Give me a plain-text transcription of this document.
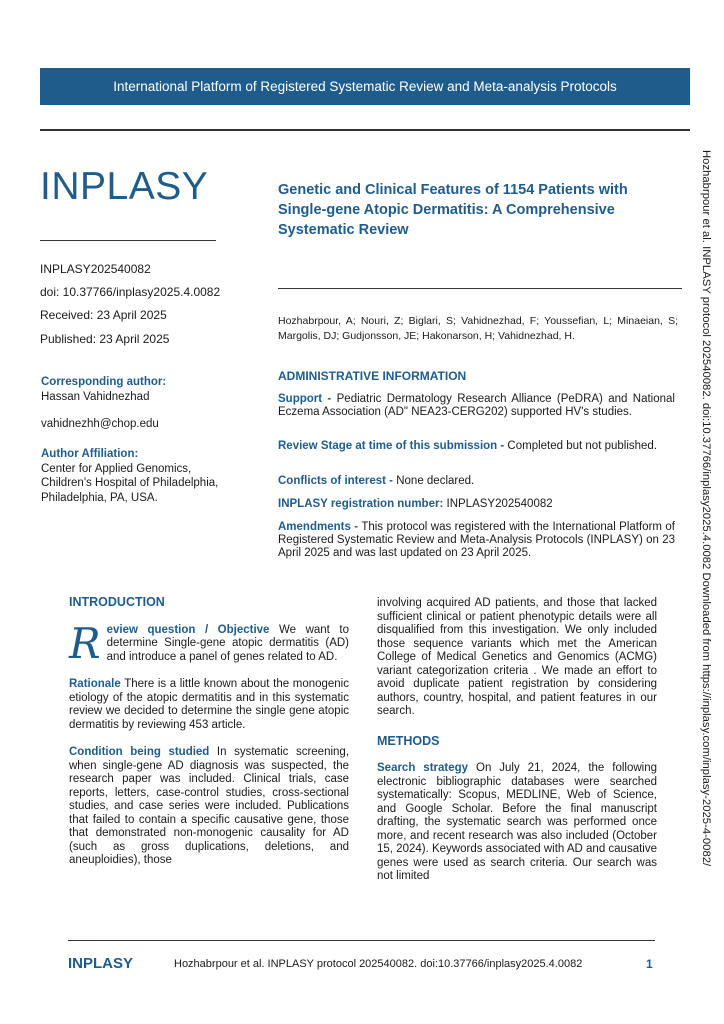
International Platform of Registered Systematic Review and Meta-analysis Protocols
INPLASY
INPLASY202540082
doi: 10.37766/inplasy2025.4.0082
Received: 23 April 2025
Published: 23 April 2025
Corresponding author:
Hassan Vahidnezhad
vahidnezhh@chop.edu
Author Affiliation:
Center for Applied Genomics, Children's Hospital of Philadelphia, Philadelphia, PA, USA.
Genetic and Clinical Features of 1154 Patients with Single-gene Atopic Dermatitis: A Comprehensive Systematic Review
Hozhabrpour, A; Nouri, Z; Biglari, S; Vahidnezhad, F; Youssefian, L; Minaeian, S; Margolis, DJ; Gudjonsson, JE; Hakonarson, H; Vahidnezhad, H.
ADMINISTRATIVE INFORMATION
Support - Pediatric Dermatology Research Alliance (PeDRA) and National Eczema Association (AD" NEA23-CERG202) supported HV's studies.
Review Stage at time of this submission - Completed but not published.
Conflicts of interest - None declared.
INPLASY registration number: INPLASY202540082
Amendments - This protocol was registered with the International Platform of Registered Systematic Review and Meta-Analysis Protocols (INPLASY) on 23 April 2025 and was last updated on 23 April 2025.
INTRODUCTION
R eview question / Objective We want to determine Single-gene atopic dermatitis (AD) and introduce a panel of genes related to AD.
Rationale There is a little known about the monogenic etiology of the atopic dermatitis and in this systematic review we decided to determine the single gene atopic dermatitis by reviewing 453 article.
Condition being studied In systematic screening, when single-gene AD diagnosis was suspected, the research paper was included. Clinical trials, case reports, letters, case-control studies, cross-sectional studies, and case series were included. Publications that failed to contain a specific causative gene, those that demonstrated non-monogenic causality for AD (such as gross duplications, deletions, and aneuploidies), those
involving acquired AD patients, and those that lacked sufficient clinical or patient phenotypic details were all disqualified from this investigation. We only included those sequence variants which met the American College of Medical Genetics and Genomics (ACMG) variant categorization criteria . We made an effort to avoid duplicate patient registration by considering authors, country, hospital, and patient features in our search.
METHODS
Search strategy On July 21, 2024, the following electronic bibliographic databases were searched systematically: Scopus, MEDLINE, Web of Science, and Google Scholar. Before the final manuscript drafting, the systematic search was performed once more, and recent research was also included (October 15, 2024). Keywords associated with AD and causative genes were used as search criteria. Our search was not limited
Hozhabrpour et al. INPLASY protocol 202540082. doi:10.37766/inplasy2025.4.0082 Downloaded from https://inplasy.com/inplasy-2025-4-0082/
INPLASY	Hozhabrpour et al. INPLASY protocol 202540082. doi:10.37766/inplasy2025.4.0082	1
